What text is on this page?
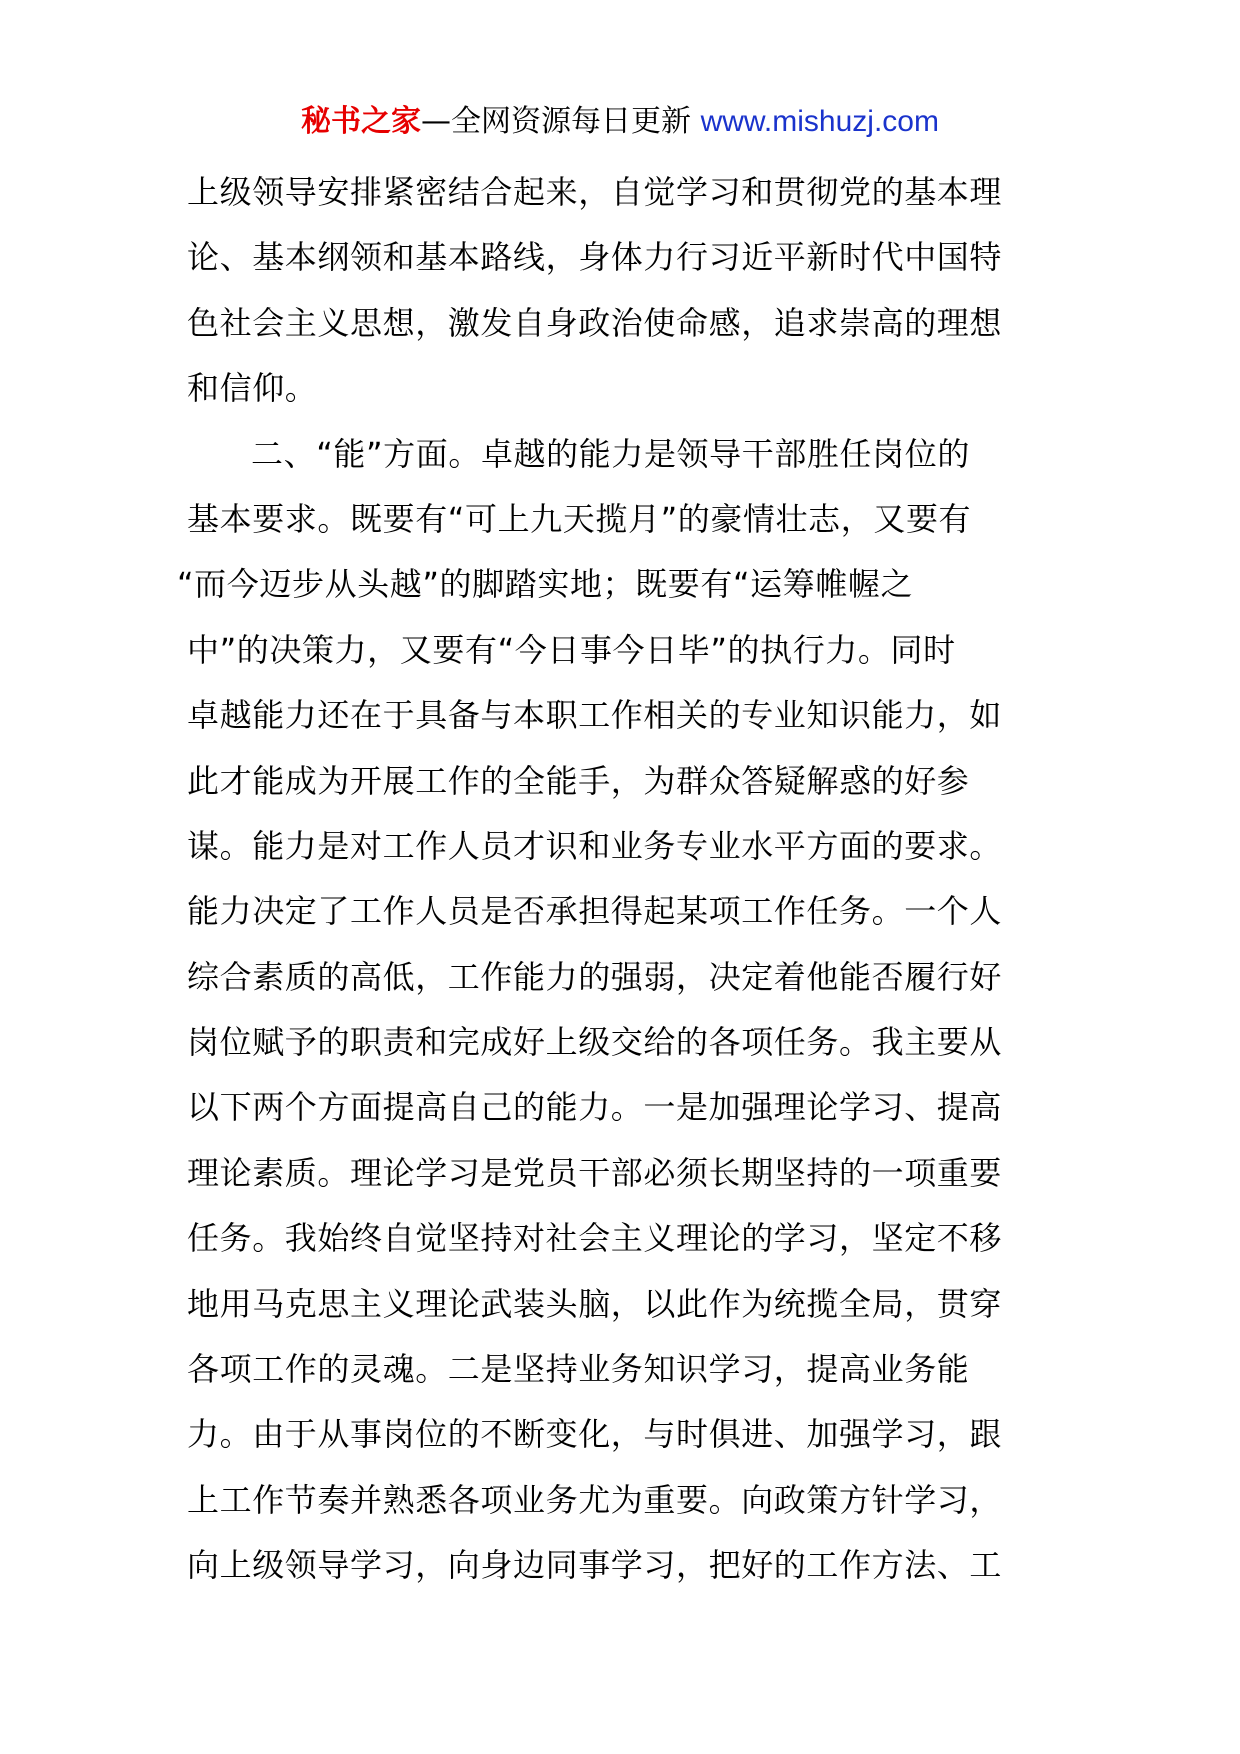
秘书之家—全网资源每日更新 www.mishuzj.com
上级领导安排紧密结合起来，自觉学习和贯彻党的基本理
论、基本纲领和基本路线，身体力行习近平新时代中国特
色社会主义思想，激发自身政治使命感，追求崇高的理想
和信仰。
二、“能”方面。卓越的能力是领导干部胜任岗位的
基本要求。既要有“可上九天揽月”的豪情壮志，又要有
“而今迈步从头越”的脚踏实地；既要有“运筹帷幄之
中”的决策力，又要有“今日事今日毕”的执行力。同时
卓越能力还在于具备与本职工作相关的专业知识能力，如
此才能成为开展工作的全能手，为群众答疑解惑的好参
谋。能力是对工作人员才识和业务专业水平方面的要求。
能力决定了工作人员是否承担得起某项工作任务。一个人
综合素质的高低，工作能力的强弱，决定着他能否履行好
岗位赋予的职责和完成好上级交给的各项任务。我主要从
以下两个方面提高自己的能力。一是加强理论学习、提高
理论素质。理论学习是党员干部必须长期坚持的一项重要
任务。我始终自觉坚持对社会主义理论的学习，坚定不移
地用马克思主义理论武装头脑，以此作为统揽全局，贯穿
各项工作的灵魂。二是坚持业务知识学习，提高业务能
力。由于从事岗位的不断变化，与时俱进、加强学习，跟
上工作节奏并熟悉各项业务尤为重要。向政策方针学习，
向上级领导学习，向身边同事学习，把好的工作方法、工
